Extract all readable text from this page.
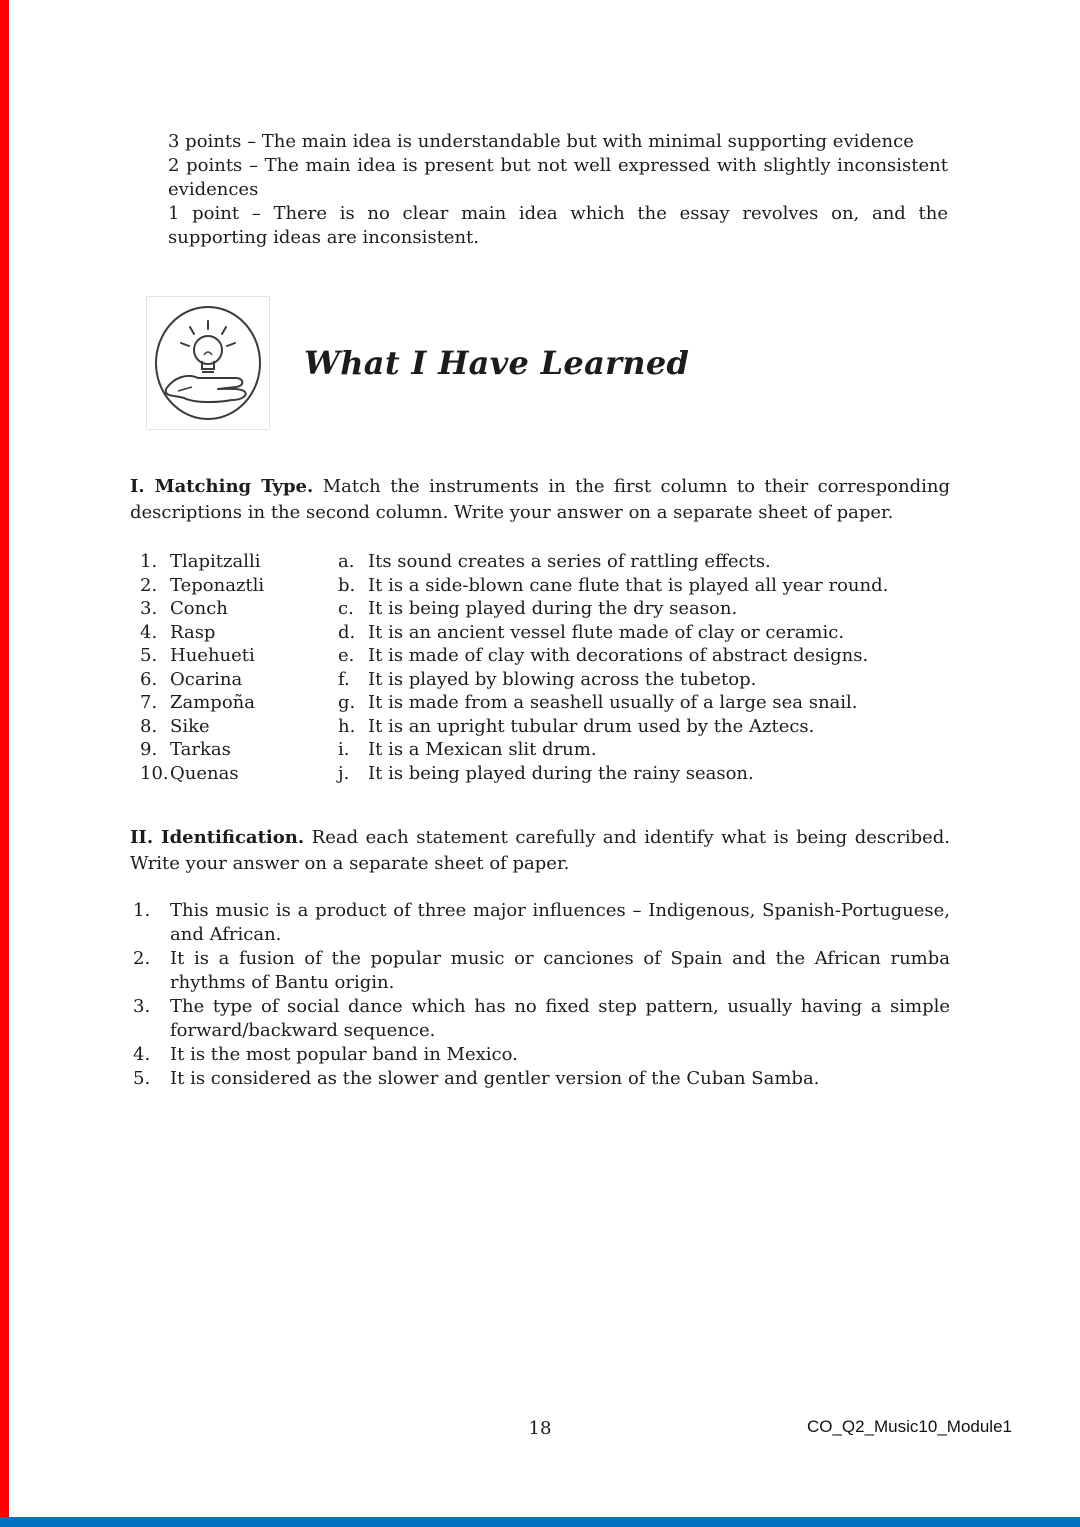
3 points – The main idea is understandable but with minimal supporting evidence

2 points – The main idea is present but not well expressed with slightly inconsistent evidences

1 point – There is no clear main idea which the essay revolves on, and the supporting ideas are inconsistent.

What I Have Learned
I. Matching Type. Match the instruments in the first column to their corresponding descriptions in the second column. Write your answer on a separate sheet of paper.
1. Tlapitzalli	a. Its sound creates a series of rattling effects.
2. Teponaztli	b. It is a side-blown cane flute that is played all year round.
3. Conch	c. It is being played during the dry season.
4. Rasp	d. It is an ancient vessel flute made of clay or ceramic.
5. Huehueti	e. It is made of clay with decorations of abstract designs.
6. Ocarina	f.	It is played by blowing across the tubetop.
7. Zampoña	g. It is made from a seashell usually of a large sea snail.
8. Sike	h. It is an upright tubular drum used by the Aztecs.
9. Tarkas	i.	It is a Mexican slit drum.
10. Quenas	j.	It is being played during the rainy season.
II. Identification. Read each statement carefully and identify what is being described. Write your answer on a separate sheet of paper.
1.	This music is a product of three major influences – Indigenous, Spanish-Portuguese, and African.
2.	It is a fusion of the popular music or canciones of Spain and the African rumba rhythms of Bantu origin.
3.	The type of social dance which has no fixed step pattern, usually having a simple forward/backward sequence.
4.	It is the most popular band in Mexico.
5.	It is considered as the slower and gentler version of the Cuban Samba.
18	CO_Q2_Music10_Module1
